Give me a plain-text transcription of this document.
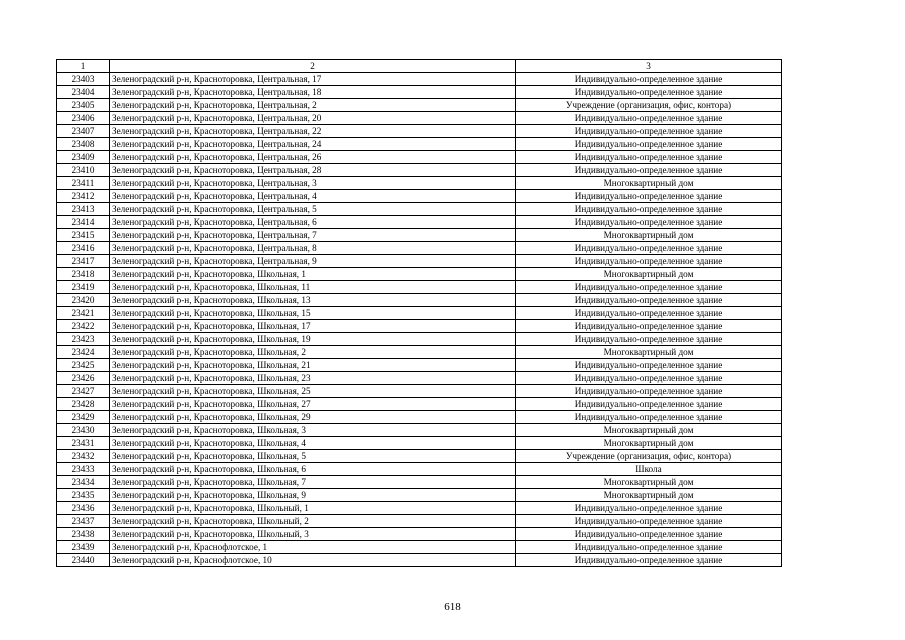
1	2	3
23403	Зеленоградский р-н, Красноторовка, Центральная, 17	Индивидуально-определенное здание
23404	Зеленоградский р-н, Красноторовка, Центральная, 18	Индивидуально-определенное здание
23405	Зеленоградский р-н, Красноторовка, Центральная, 2	Учреждение (организация, офис, контора)
23406	Зеленоградский р-н, Красноторовка, Центральная, 20	Индивидуально-определенное здание
23407	Зеленоградский р-н, Красноторовка, Центральная, 22	Индивидуально-определенное здание
23408	Зеленоградский р-н, Красноторовка, Центральная, 24	Индивидуально-определенное здание
23409	Зеленоградский р-н, Красноторовка, Центральная, 26	Индивидуально-определенное здание
23410	Зеленоградский р-н, Красноторовка, Центральная, 28	Индивидуально-определенное здание
23411	Зеленоградский р-н, Красноторовка, Центральная, 3	Многоквартирный дом
23412	Зеленоградский р-н, Красноторовка, Центральная, 4	Индивидуально-определенное здание
23413	Зеленоградский р-н, Красноторовка, Центральная, 5	Индивидуально-определенное здание
23414	Зеленоградский р-н, Красноторовка, Центральная, 6	Индивидуально-определенное здание
23415	Зеленоградский р-н, Красноторовка, Центральная, 7	Многоквартирный дом
23416	Зеленоградский р-н, Красноторовка, Центральная, 8	Индивидуально-определенное здание
23417	Зеленоградский р-н, Красноторовка, Центральная, 9	Индивидуально-определенное здание
23418	Зеленоградский р-н, Красноторовка, Школьная, 1	Многоквартирный дом
23419	Зеленоградский р-н, Красноторовка, Школьная, 11	Индивидуально-определенное здание
23420	Зеленоградский р-н, Красноторовка, Школьная, 13	Индивидуально-определенное здание
23421	Зеленоградский р-н, Красноторовка, Школьная, 15	Индивидуально-определенное здание
23422	Зеленоградский р-н, Красноторовка, Школьная, 17	Индивидуально-определенное здание
23423	Зеленоградский р-н, Красноторовка, Школьная, 19	Индивидуально-определенное здание
23424	Зеленоградский р-н, Красноторовка, Школьная, 2	Многоквартирный дом
23425	Зеленоградский р-н, Красноторовка, Школьная, 21	Индивидуально-определенное здание
23426	Зеленоградский р-н, Красноторовка, Школьная, 23	Индивидуально-определенное здание
23427	Зеленоградский р-н, Красноторовка, Школьная, 25	Индивидуально-определенное здание
23428	Зеленоградский р-н, Красноторовка, Школьная, 27	Индивидуально-определенное здание
23429	Зеленоградский р-н, Красноторовка, Школьная, 29	Индивидуально-определенное здание
23430	Зеленоградский р-н, Красноторовка, Школьная, 3	Многоквартирный дом
23431	Зеленоградский р-н, Красноторовка, Школьная, 4	Многоквартирный дом
23432	Зеленоградский р-н, Красноторовка, Школьная, 5	Учреждение (организация, офис, контора)
23433	Зеленоградский р-н, Красноторовка, Школьная, 6	Школа
23434	Зеленоградский р-н, Красноторовка, Школьная, 7	Многоквартирный дом
23435	Зеленоградский р-н, Красноторовка, Школьная, 9	Многоквартирный дом
23436	Зеленоградский р-н, Красноторовка, Школьный, 1	Индивидуально-определенное здание
23437	Зеленоградский р-н, Красноторовка, Школьный, 2	Индивидуально-определенное здание
23438	Зеленоградский р-н, Красноторовка, Школьный, 3	Индивидуально-определенное здание
23439	Зеленоградский р-н, Краснофлотское, 1	Индивидуально-определенное здание
23440	Зеленоградский р-н, Краснофлотское, 10	Индивидуально-определенное здание
618
